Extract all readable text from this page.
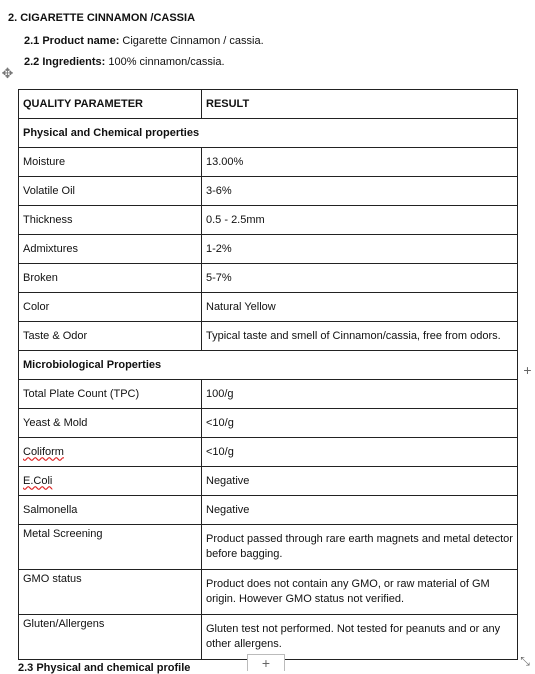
2. CIGARETTE CINNAMON /CASSIA
2.1 Product name: Cigarette Cinnamon / cassia.
2.2 Ingredients: 100% cinnamon/cassia.
✥
QUALITY PARAMETER	RESULT
Physical and Chemical properties	
Moisture	13.00%
Volatile Oil	3-6%
Thickness	0.5 - 2.5mm
Admixtures	1-2%
Broken	5-7%
Color	Natural Yellow
Taste & Odor	Typical taste and smell of Cinnamon/cassia, free from odors.
Microbiological Properties	
Total Plate Count (TPC)	100/g
Yeast & Mold	<10/g
Coliform	<10/g
E.Coli	Negative
Salmonella	Negative
Metal Screening	Product passed through rare earth magnets and metal detector before bagging.
GMO status	Product does not contain any GMO, or raw material of GM origin. However GMO status not verified.
Gluten/Allergens	Gluten test not performed. Not tested for peanuts and or any other allergens.
+
2.3 Physical and chemical profile	+	⤡
